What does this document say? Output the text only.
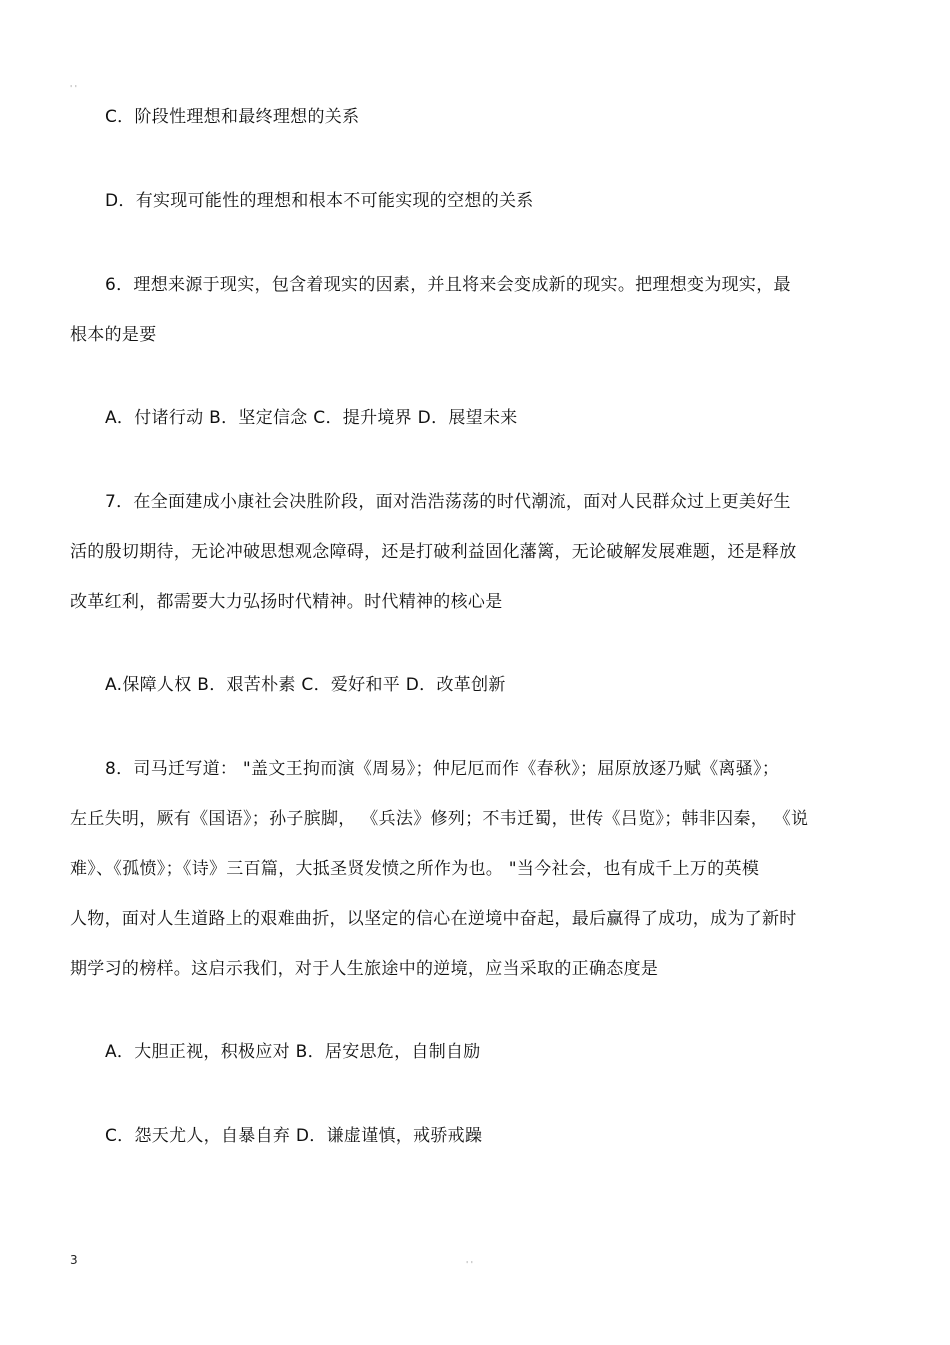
' '
C．阶段性理想和最终理想的关系
D．有实现可能性的理想和根本不可能实现的空想的关系
6．理想来源于现实，包含着现实的因素，并且将来会变成新的现实。把理想变为现实，最
根本的是要
A．付诸行动 B．坚定信念 C．提升境界 D．展望未来
7．在全面建成小康社会决胜阶段，面对浩浩荡荡的时代潮流，面对人民群众过上更美好生
活的殷切期待，无论冲破思想观念障碍，还是打破利益固化藩篱，无论破解发展难题，还是释放
改革红利，都需要大力弘扬时代精神。时代精神的核心是
A.保障人权 B．艰苦朴素 C．爱好和平 D．改革创新
8．司马迁写道： "盖文王拘而演《周易》；仲尼厄而作《春秋》；屈原放逐乃赋《离骚》；
左丘失明，厥有《国语》；孙子膑脚， 《兵法》修列；不韦迁蜀，世传《吕览》；韩非囚秦， 《说
难》、《孤愤》；《诗》三百篇，大抵圣贤发愤之所作为也。 "当今社会，也有成千上万的英模
人物，面对人生道路上的艰难曲折，以坚定的信心在逆境中奋起，最后赢得了成功，成为了新时
期学习的榜样。这启示我们，对于人生旅途中的逆境，应当采取的正确态度是
A．大胆正视，积极应对 B．居安思危，自制自励
C．怨天尤人，自暴自弃 D．谦虚谨慎，戒骄戒躁
3	' '
